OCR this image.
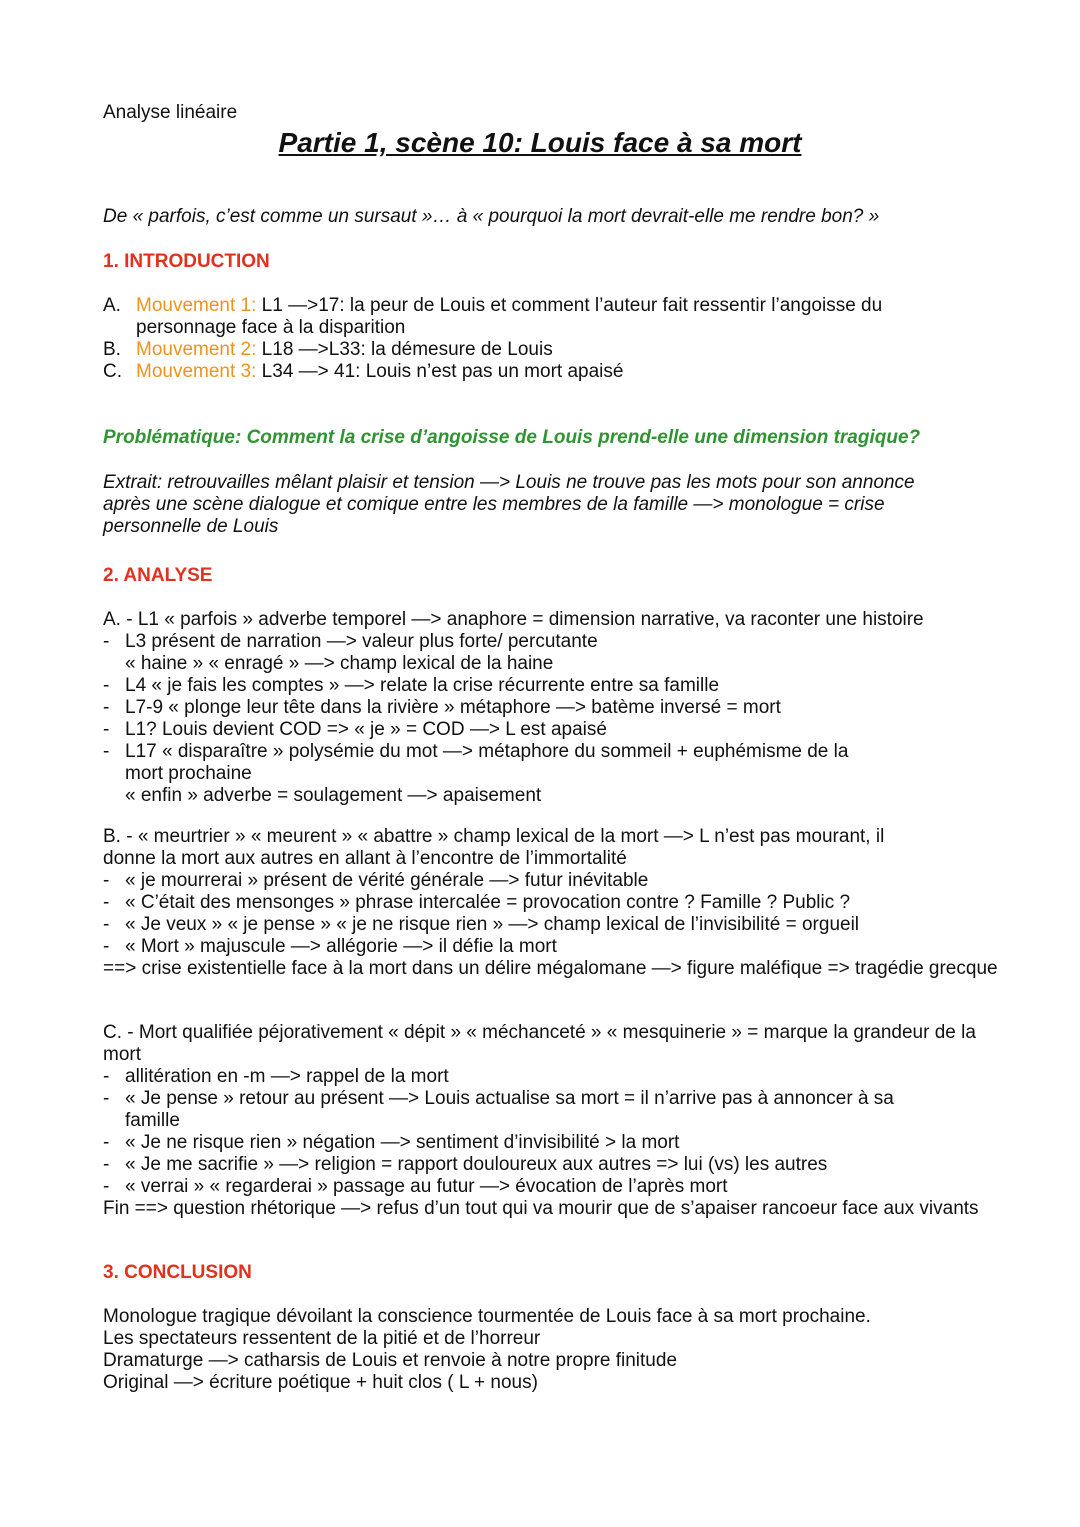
Analyse linéaire
Partie 1, scène 10: Louis face à sa mort
De « parfois, c’est comme un sursaut »… à « pourquoi la mort devrait-elle me rendre bon? »
1. INTRODUCTION
A. Mouvement 1: L1 —>17: la peur de Louis et comment l’auteur fait ressentir l’angoisse du personnage face à la disparition
B. Mouvement 2: L18 —>L33: la démesure de Louis
C. Mouvement 3: L34 —> 41: Louis n’est pas un mort apaisé
Problématique: Comment la crise d’angoisse de Louis prend-elle une dimension tragique?
Extrait: retrouvailles mêlant plaisir et tension —> Louis ne trouve pas les mots pour son annonce après une scène dialogue et comique entre les membres de la famille —> monologue = crise personnelle de Louis
2. ANALYSE
A. - L1 « parfois » adverbe temporel —> anaphore = dimension narrative, va raconter une histoire
- L3 présent de narration —> valeur plus forte/ percutante
« haine » « enragé » —> champ lexical de la haine
- L4 « je fais les comptes » —> relate la crise récurrente entre sa famille
- L7-9 « plonge leur tête dans la rivière » métaphore —> batème inversé = mort
- L1? Louis devient COD => « je » = COD —> L est apaisé
- L17 « disparaître » polysémie du mot —> métaphore du sommeil + euphémisme de la mort prochaine
« enfin » adverbe = soulagement —> apaisement
B. - « meurtrier » « meurent » « abattre » champ lexical de la mort —> L n’est pas mourant, il donne la mort aux autres en allant à l’encontre de l’immortalité
- « je mourrerai » présent de vérité générale —> futur inévitable
- « C’était des mensonges » phrase intercalée = provocation contre ? Famille ? Public ?
- « Je veux » « je pense » « je ne risque rien » —> champ lexical de l’invisibilité = orgueil
- « Mort » majuscule —> allégorie —> il défie la mort
==> crise existentielle face à la mort dans un délire mégalomane —> figure maléfique => tragédie grecque
C. - Mort qualifiée péjorativement « dépit » « méchanceté » « mesquinerie » = marque la grandeur de la mort
- allitération en -m —> rappel de la mort
- « Je pense » retour au présent —> Louis actualise sa mort = il n’arrive pas à annoncer à sa famille
- « Je ne risque rien » négation —> sentiment d’invisibilité > la mort
- « Je me sacrifie » —> religion = rapport douloureux aux autres => lui (vs) les autres
- « verrai » « regarderai » passage au futur —> évocation de l’après mort
Fin ==> question rhétorique —> refus d’un tout qui va mourir que de s’apaiser rancoeur face aux vivants
3. CONCLUSION
Monologue tragique dévoilant la conscience tourmentée de Louis face à sa mort prochaine.
Les spectateurs ressentent de la pitié et de l’horreur
Dramaturge —> catharsis de Louis et renvoie à notre propre finitude
Original —> écriture poétique + huit clos ( L + nous)
